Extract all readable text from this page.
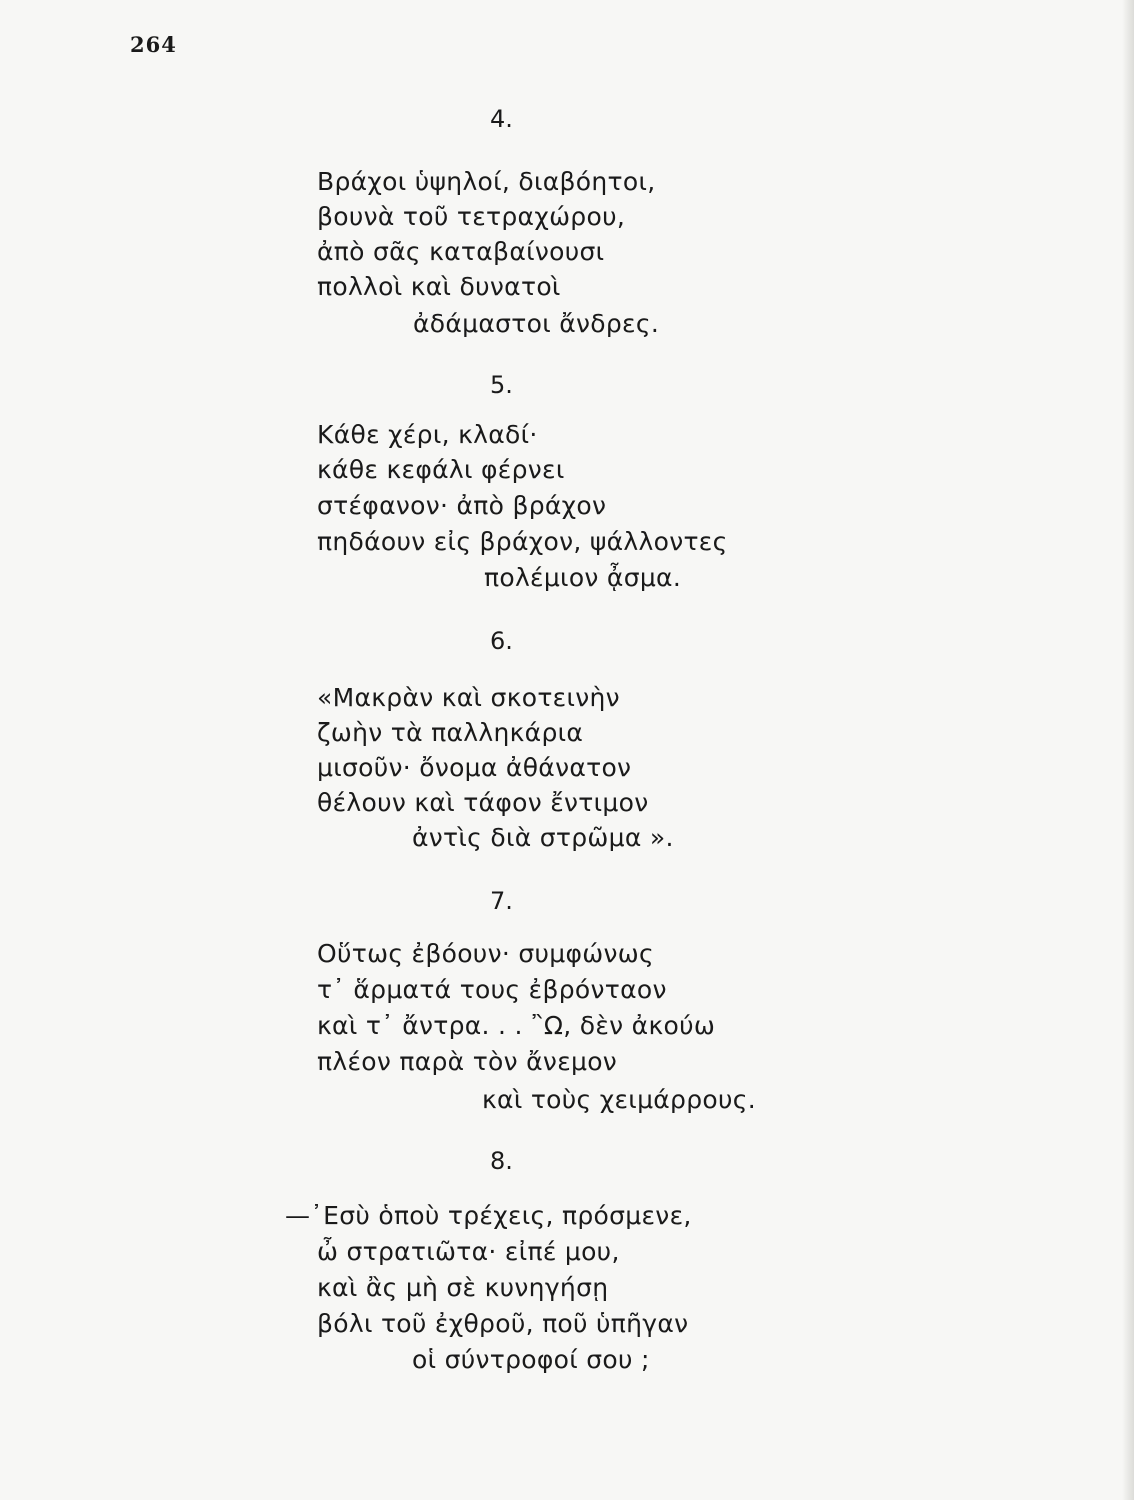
264
4.
Βράχοι ὑψηλοί, διαβόητοι,
βουνὰ τοῦ τετραχώρου,
ἀπὸ σᾶς καταβαίνουσι
πολλοὶ καὶ δυνατοὶ
ἀδάμαστοι ἄνδρες.
5.
Κάθε χέρι, κλαδί·
κάθε κεφάλι φέρνει
στέφανον· ἀπὸ βράχον
πηδάουν εἰς βράχον, ψάλλοντες
πολέμιον ᾆσμα.
6.
«Μακρὰν καὶ σκοτεινὴν
ζωὴν τὰ παλληκάρια
μισοῦν· ὄνομα ἀθάνατον
θέλουν καὶ τάφον ἔντιμον
ἀντὶς διὰ στρῶμα ».
7.
Οὕτως ἐβόουν· συμφώνως
τ᾿ ἅρματά τους ἐβρόνταον
καὶ τ᾿ ἄντρα. . . ῍Ω, δὲν ἀκούω
πλέον παρὰ τὸν ἄνεμον
καὶ τοὺς χειμάρρους.
8.
—᾿Εσὺ ὁποὺ τρέχεις, πρόσμενε,
ὦ στρατιῶτα· εἰπέ μου,
καὶ ἂς μὴ σὲ κυνηγήσῃ
βόλι τοῦ ἐχθροῦ, ποῦ ὑπῆγαν
οἱ σύντροφοί σου ;
